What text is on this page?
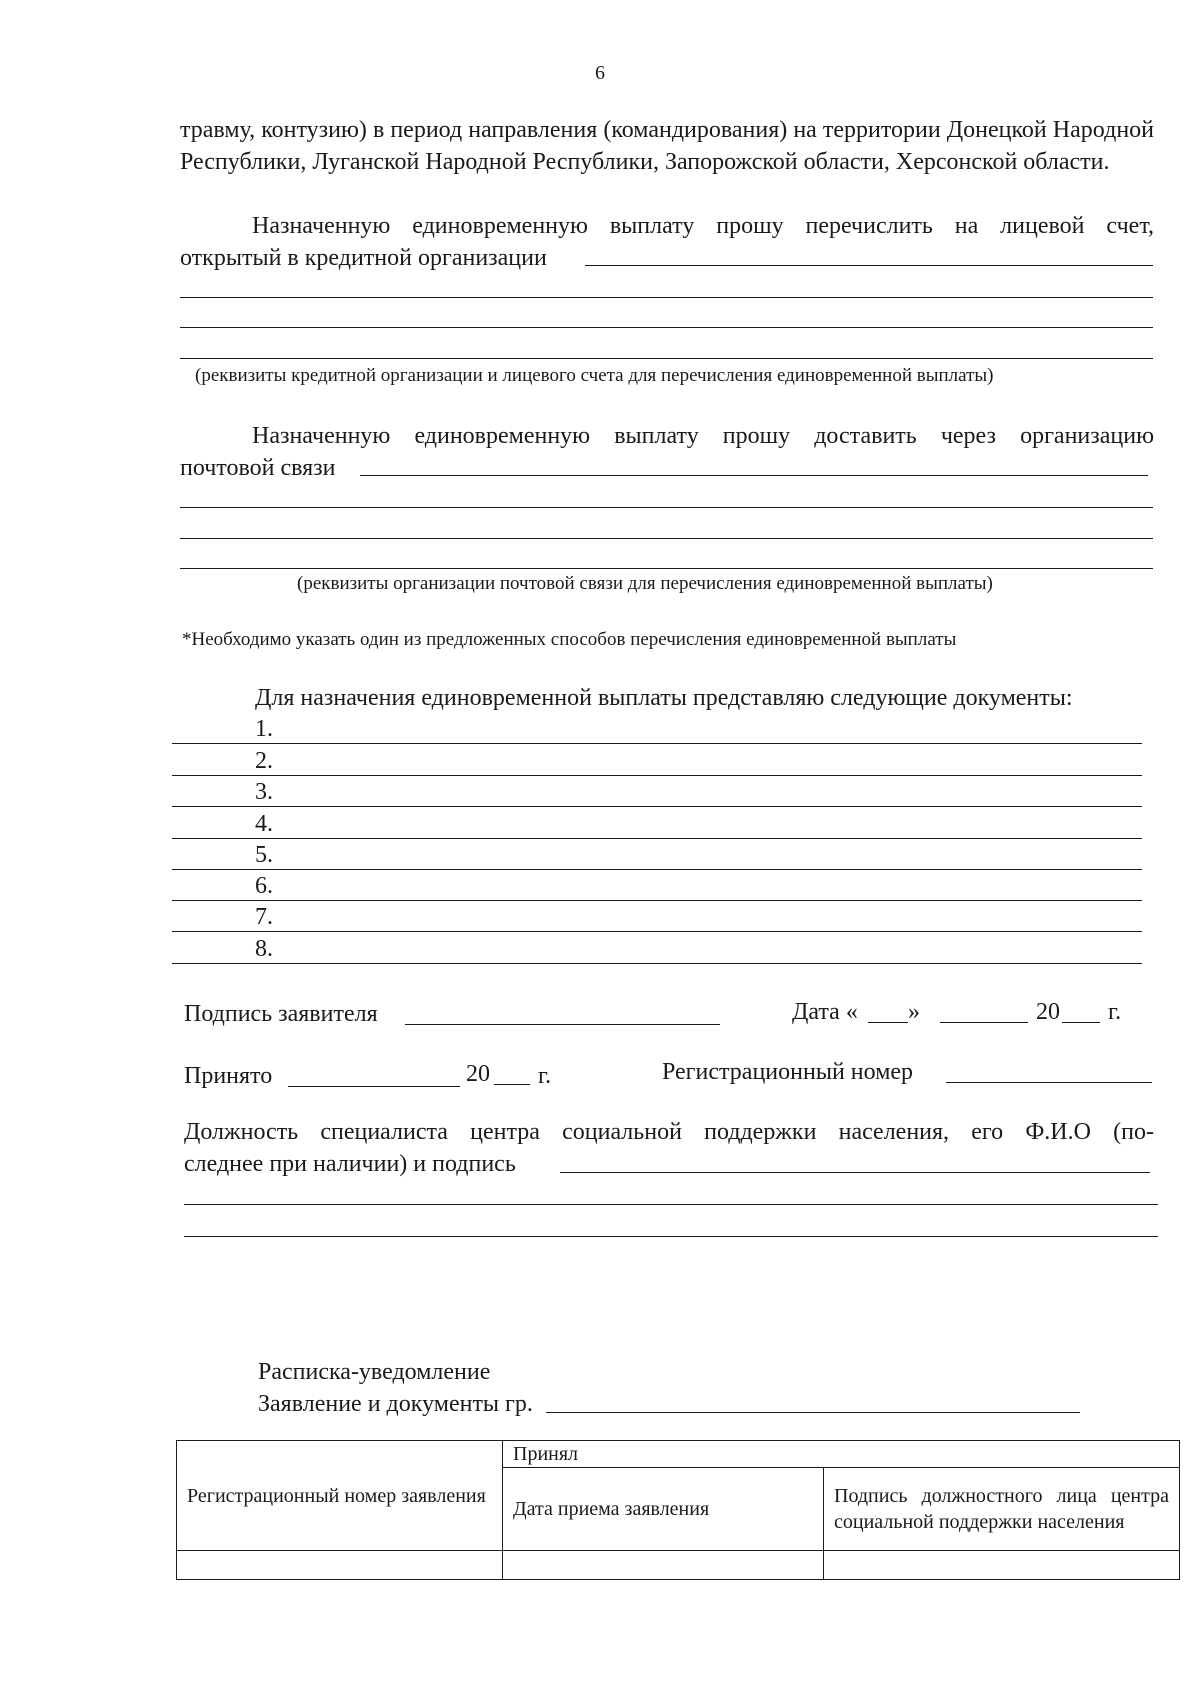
6
травму, контузию) в период направления (командирования) на территории Донецкой Народной Республики, Луганской Народной Республики, Запорожской области, Херсонской области.
Назначенную единовременную выплату прошу перечислить на лицевой счет,
открытый в кредитной организации
(реквизиты кредитной организации и лицевого счета для перечисления единовременной выплаты)
Назначенную единовременную выплату прошу доставить через организацию
почтовой связи
(реквизиты организации почтовой связи для перечисления единовременной выплаты)
*Необходимо указать один из предложенных способов перечисления единовременной выплаты
Для назначения единовременной выплаты представляю следующие документы:
1.
2.
3.
4.
5.
6.
7.
8.
Подпись заявителя	Дата « »	20 г.
Принято	20 г.	Регистрационный номер
Должность специалиста центра социальной поддержки населения, его Ф.И.О (по-
следнее при наличии) и подпись
Расписка-уведомление
Заявление и документы гр.
Регистрационный номер заявления	Принял	
	Дата приема заявления	Подпись должностного лица центра социальной поддержки населения
